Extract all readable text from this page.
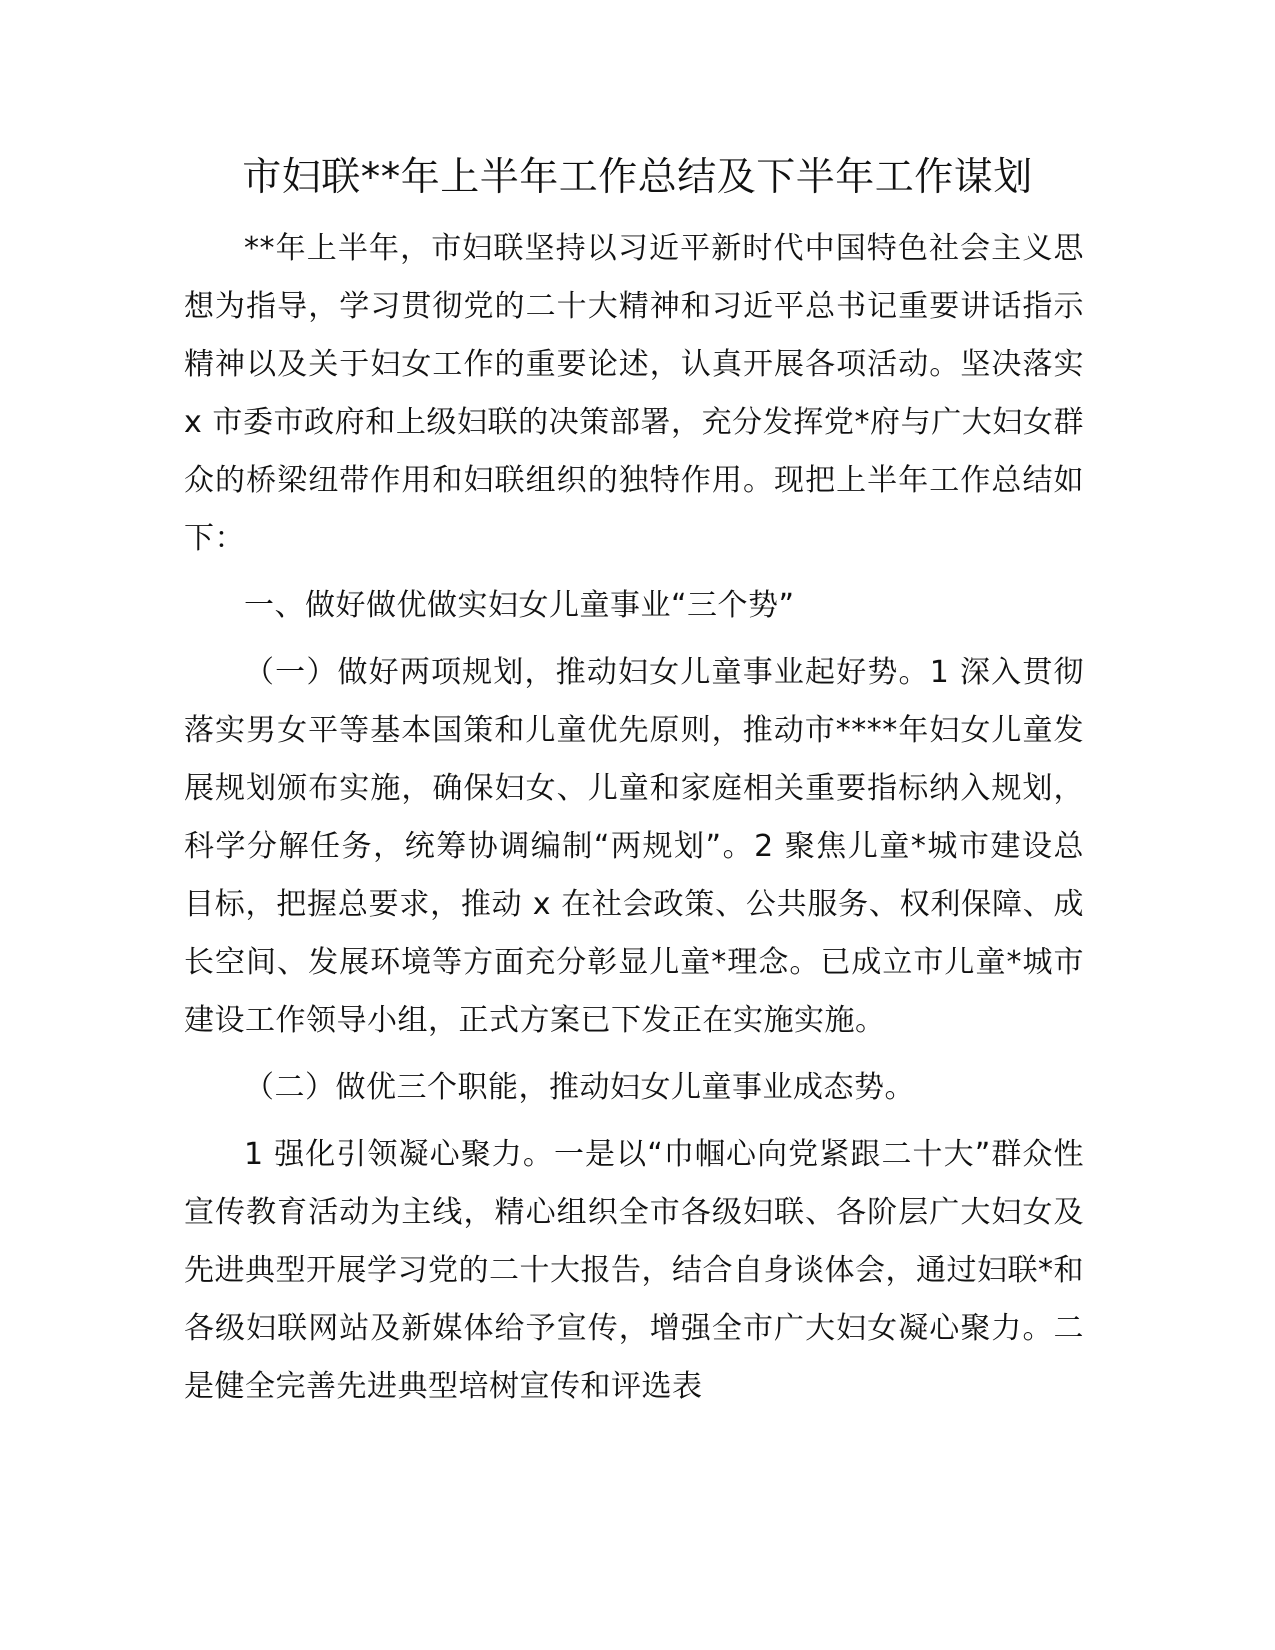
市妇联**年上半年工作总结及下半年工作谋划

**年上半年，市妇联坚持以习近平新时代中国特色社会主义思想为指导，学习贯彻党的二十大精神和习近平总书记重要讲话指示精神以及关于妇女工作的重要论述，认真开展各项活动。坚决落实 x 市委市政府和上级妇联的决策部署，充分发挥党*府与广大妇女群众的桥梁纽带作用和妇联组织的独特作用。现把上半年工作总结如下：

一、做好做优做实妇女儿童事业“三个势”

（一）做好两项规划，推动妇女儿童事业起好势。1 深入贯彻落实男女平等基本国策和儿童优先原则，推动市****年妇女儿童发展规划颁布实施，确保妇女、儿童和家庭相关重要指标纳入规划，科学分解任务，统筹协调编制“两规划”。2 聚焦儿童*城市建设总目标，把握总要求，推动 x 在社会政策、公共服务、权利保障、成长空间、发展环境等方面充分彰显儿童*理念。已成立市儿童*城市建设工作领导小组，正式方案已下发正在实施实施。

（二）做优三个职能，推动妇女儿童事业成态势。

1 强化引领凝心聚力。一是以“巾帼心向党紧跟二十大”群众性宣传教育活动为主线，精心组织全市各级妇联、各阶层广大妇女及先进典型开展学习党的二十大报告，结合自身谈体会，通过妇联*和各级妇联网站及新媒体给予宣传，增强全市广大妇女凝心聚力。二是健全完善先进典型培树宣传和评选表
